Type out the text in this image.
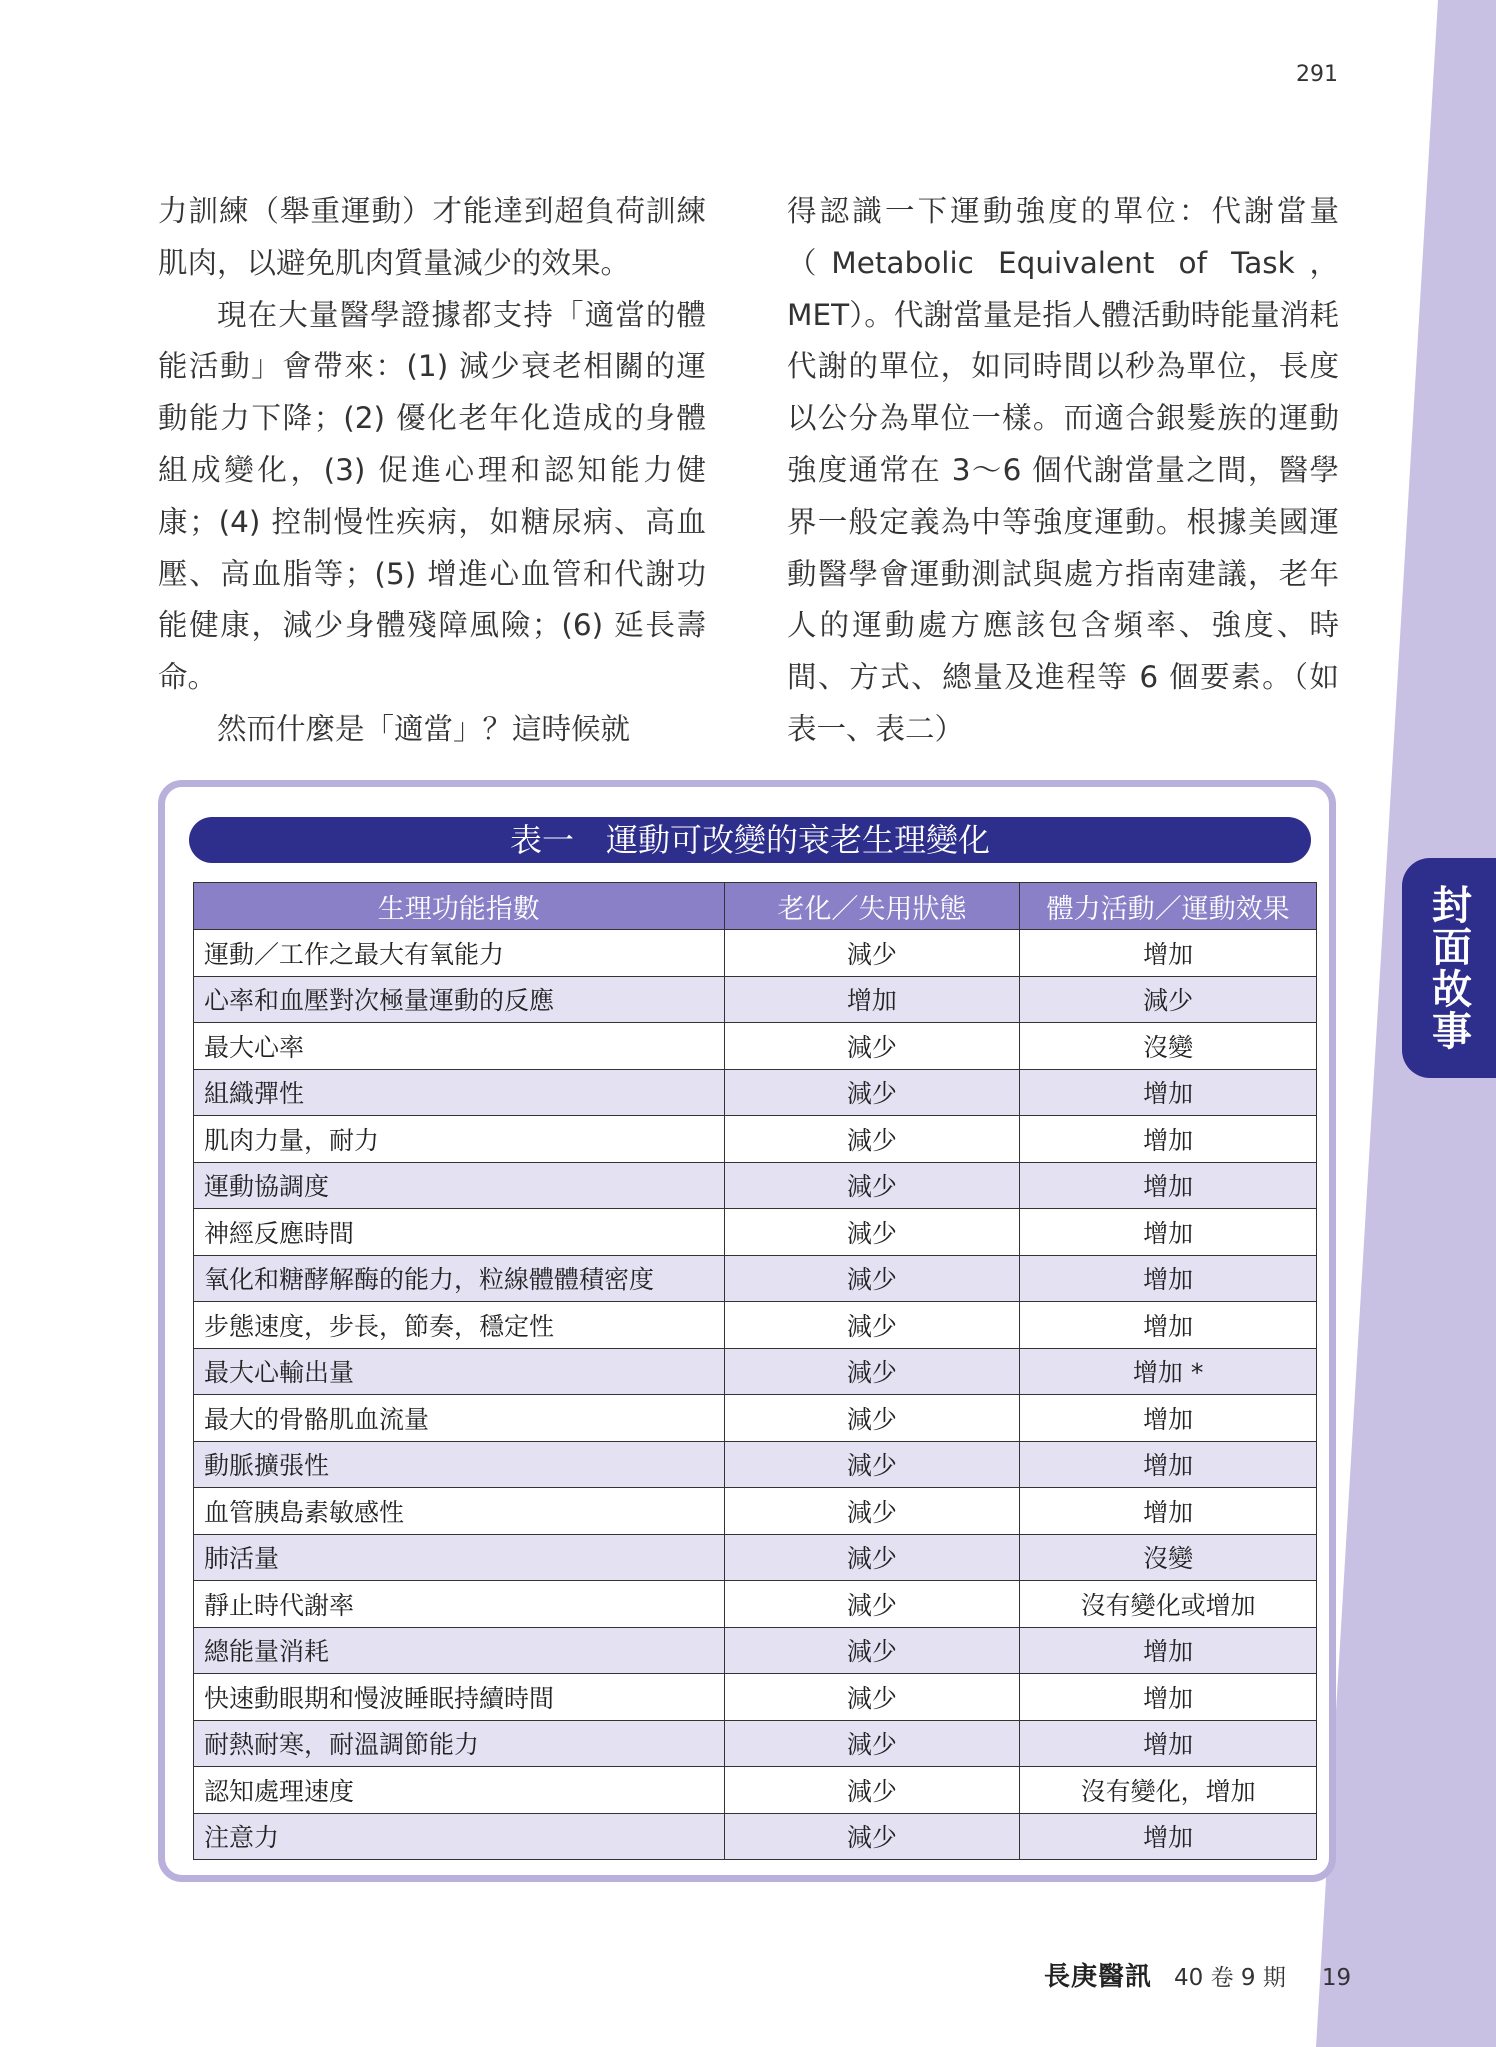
封面故事
291

力訓練（舉重運動）才能達到超負荷訓練肌肉，以避免肌肉質量減少的效果。

現在大量醫學證據都支持「適當的體能活動」會帶來：(1) 減少衰老相關的運動能力下降；(2) 優化老年化造成的身體組成變化，(3) 促進心理和認知能力健康；(4) 控制慢性疾病，如糖尿病、高血壓、高血脂等；(5) 增進心血管和代謝功能健康，減少身體殘障風險；(6) 延長壽命。

然而什麼是「適當」？這時候就

得認識一下運動強度的單位：代謝當量（Metabolic Equivalent of Task，MET）。代謝當量是指人體活動時能量消耗代謝的單位，如同時間以秒為單位，長度以公分為單位一樣。而適合銀髮族的運動強度通常在 3～6 個代謝當量之間，醫學界一般定義為中等強度運動。根據美國運動醫學會運動測試與處方指南建議，老年人的運動處方應該包含頻率、強度、時間、方式、總量及進程等 6 個要素。（如表一、表二）

表一　運動可改變的衰老生理變化
生理功能指數	老化／失用狀態	體力活動／運動效果
運動／工作之最大有氧能力	減少	增加
心率和血壓對次極量運動的反應	增加	減少
最大心率	減少	沒變
組織彈性	減少	增加
肌肉力量，耐力	減少	增加
運動協調度	減少	增加
神經反應時間	減少	增加
氧化和糖酵解酶的能力，粒線體體積密度	減少	增加
步態速度，步長，節奏，穩定性	減少	增加
最大心輸出量	減少	增加 *
最大的骨骼肌血流量	減少	增加
動脈擴張性	減少	增加
血管胰島素敏感性	減少	增加
肺活量	減少	沒變
靜止時代謝率	減少	沒有變化或增加
總能量消耗	減少	增加
快速動眼期和慢波睡眠持續時間	減少	增加
耐熱耐寒，耐溫調節能力	減少	增加
認知處理速度	減少	沒有變化，增加
注意力	減少	增加
長庚醫訊 40 卷 9 期 19
